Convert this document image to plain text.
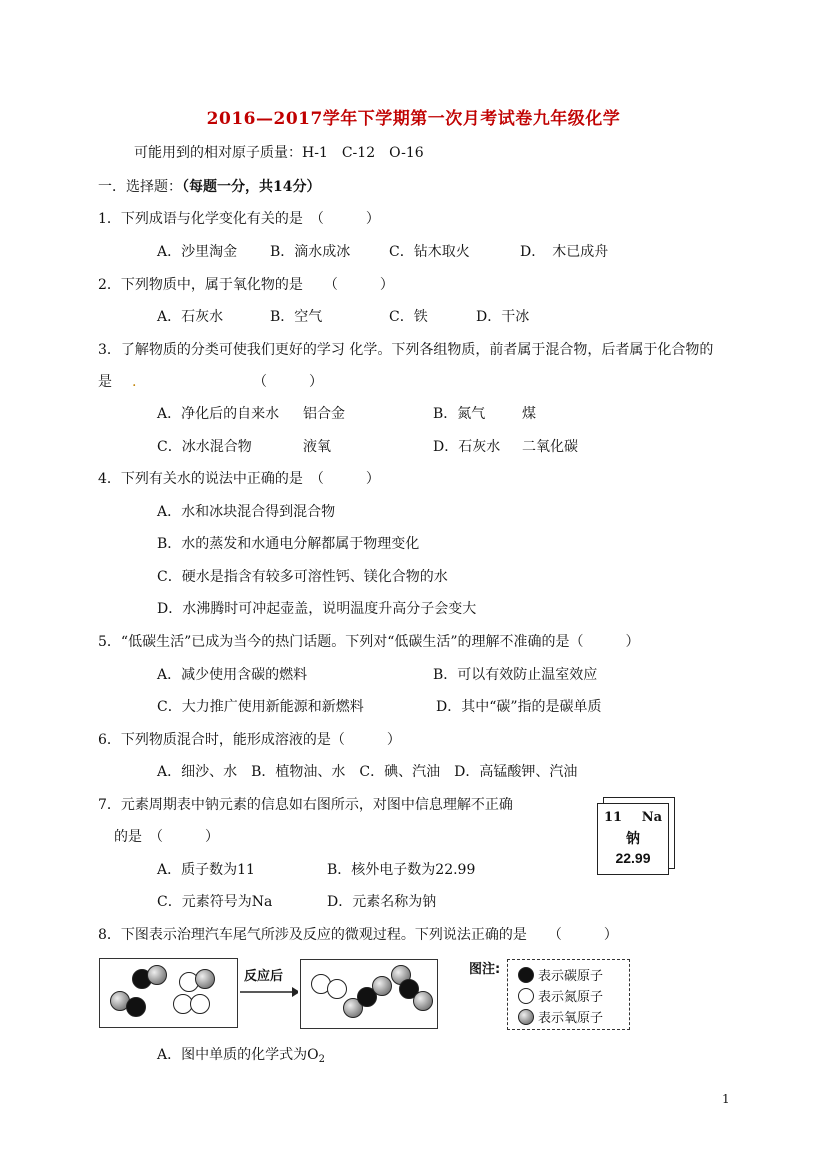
2016—2017学年下学期第一次月考试卷九年级化学
可能用到的相对原子质量：H-1　C-12　O-16
一．选择题：（每题一分，共14分）
1．下列成语与化学变化有关的是　（　　　）
A．沙里淘金 B．滴水成冰	C．钻木取火	D．　木已成舟
2．下列物质中，属于氧化物的是　　（　　　）
A．石灰水	B．空气	C．铁	D．干冰
3．了解物质的分类可使我们更好的学习 化学。下列各组物质，前者属于混合物，后者属于化合物的
是 .	（　　　）
A．净化后的自来水 铝合金	B．氮气	煤
C．冰水混合物	液氧	D．石灰水 二氧化碳
4．下列有关水的说法中正确的是　（　　　）
A．水和冰块混合得到混合物
B．水的蒸发和水通电分解都属于物理变化
C．硬水是指含有较多可溶性钙、镁化合物的水
D．水沸腾时可冲起壶盖，说明温度升高分子会变大
5．“低碳生活”已成为当今的热门话题。下列对“低碳生活”的理解不准确的是（　　　）
A．减少使用含碳的燃料	B．可以有效防止温室效应
C．大力推广使用新能源和新燃料	D．其中“碳”指的是碳单质
6．下列物质混合时，能形成溶液的是（　　　）
A．细沙、水　B．植物油、水　C．碘、汽油　D．高锰酸钾、汽油
7．元素周期表中钠元素的信息如右图所示，对图中信息理解不正确
的是　（　　　）
A．质子数为11	B．核外电子数为22.99
C．元素符号为Na	D．元素名称为钠
11 Na
钠
22.99
8．下图表示治理汽车尾气所涉及反应的微观过程。下列说法正确的是　　（　　　）
反应后	图注:	表示碳原子
表示氮原子
表示氧原子
A．图中单质的化学式为$O_2$
1
